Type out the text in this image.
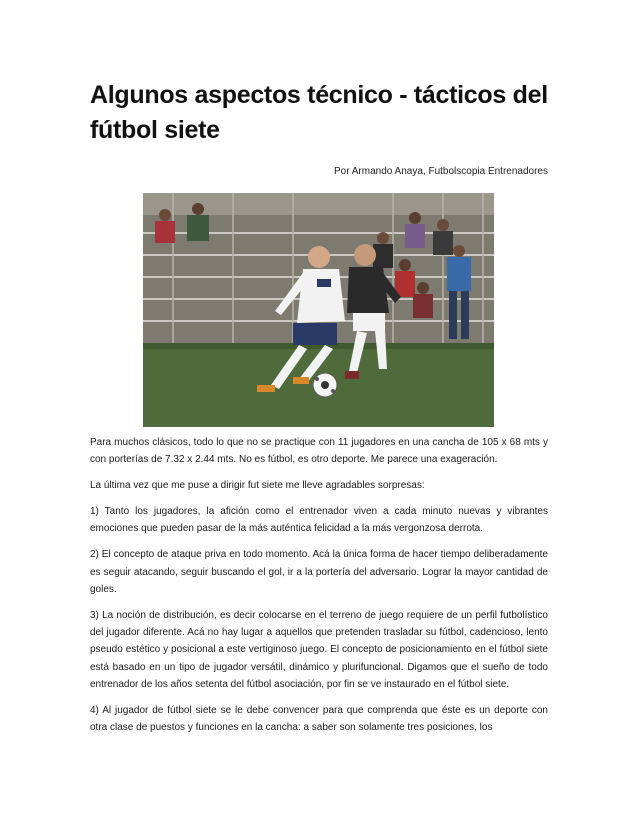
Algunos aspectos técnico - tácticos del fútbol siete
Por Armando Anaya, Futbolscopia Entrenadores

Para muchos clásicos, todo lo que no se practique con 11 jugadores en una cancha de 105 x 68 mts y con porterías de 7.32 x 2.44 mts. No es fútbol, es otro deporte. Me parece una exageración.

La última vez que me puse a dirigir fut siete me lleve agradables sorpresas:

1) Tanto los jugadores, la afición como el entrenador viven a cada minuto nuevas y vibrantes emociones que pueden pasar de la más auténtica felicidad a la más vergonzosa derrota.

2) El concepto de ataque priva en todo momento. Acá la única forma de hacer tiempo deliberadamente es seguir atacando, seguir buscando el gol, ir a la portería del adversario. Lograr la mayor cantidad de goles.

3) La noción de distribución, es decir colocarse en el terreno de juego requiere de un perfil futbolístico del jugador diferente. Acá no hay lugar a aquellos que pretenden trasladar su fútbol, cadencioso, lento pseudo estético y posicional a este vertiginoso juego. El concepto de posicionamiento en el fútbol siete está basado en un tipo de jugador versátil, dinámico y plurifuncional. Digamos que el sueño de todo entrenador de los años setenta del fútbol asociación, por fin se ve instaurado en el fútbol siete.

4) Al jugador de fútbol siete se le debe convencer para que comprenda que éste es un deporte con otra clase de puestos y funciones en la cancha: a saber son solamente tres posiciones, los
